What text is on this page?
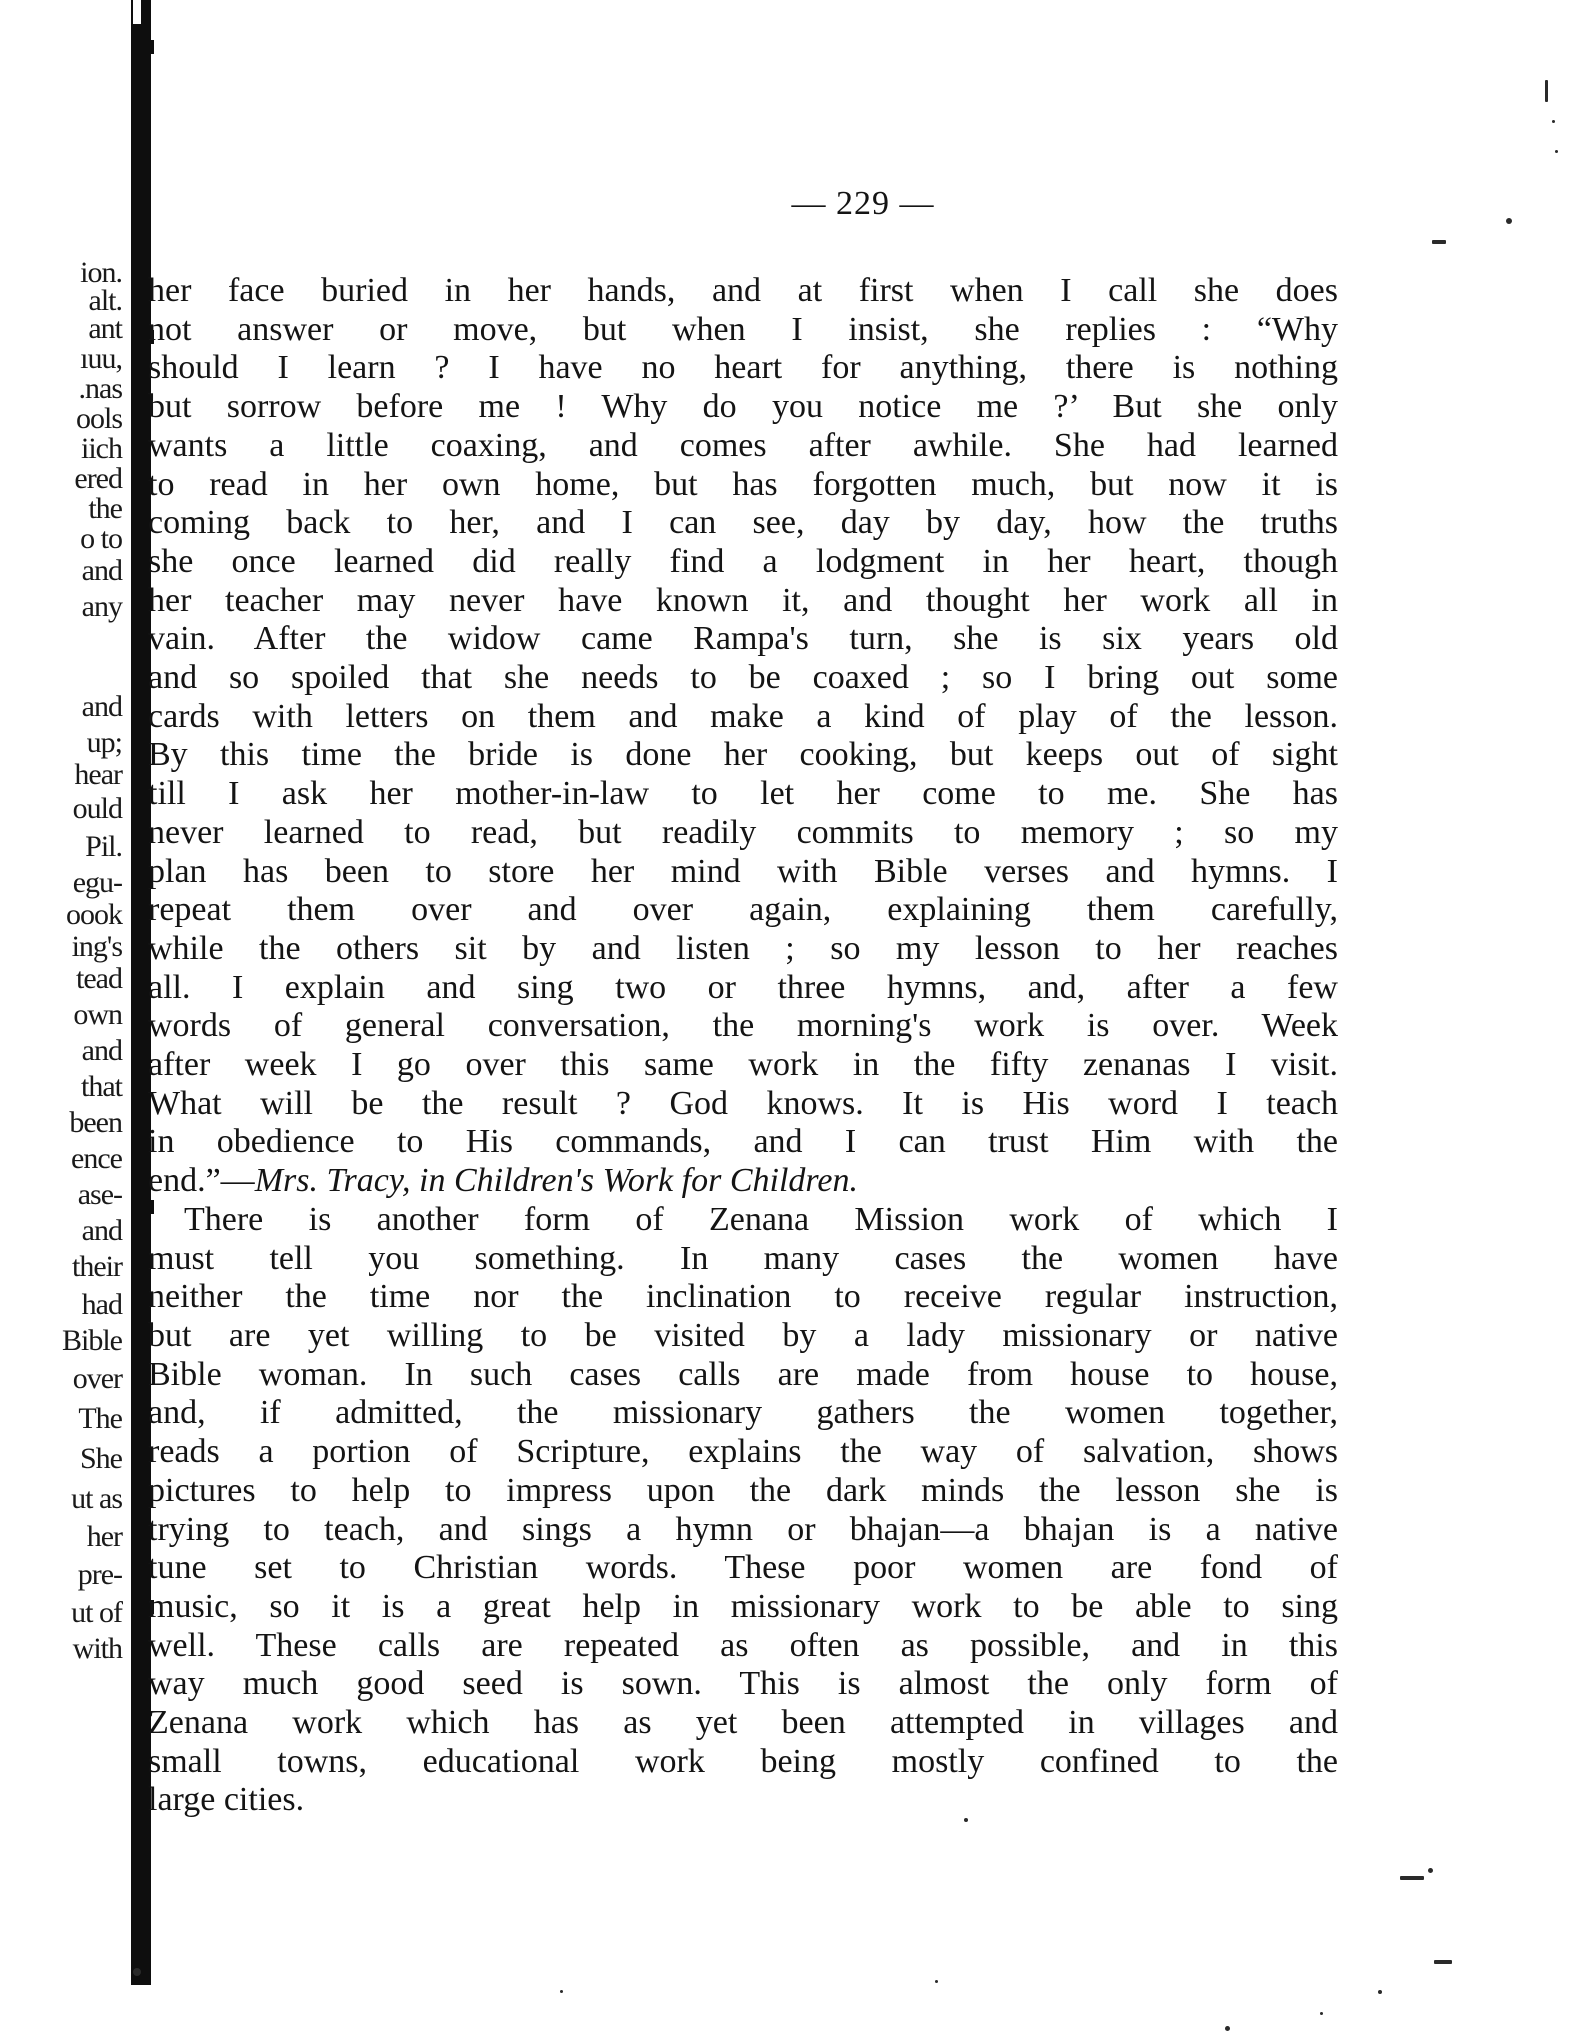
ion.
alt.
ant
ıuu,
.nas
ools
iich
ered
the
o to
and
any
and
up;
hear
ould
Pil.
egu-
oook
ing's
tead
own
and
that
been
ence
ase-
and
their
had
Bible
over
The
She
ut as
her
pre-
ut of
with
— 229 —
her face buried in her hands, and at first when I call she does
not answer or move, but when I insist, she replies : “Why
should I learn ? I have no heart for anything, there is nothing
but sorrow before me ! Why do you notice me ?’ But she only
wants a little coaxing, and comes after awhile. She had learned
to read in her own home, but has forgotten much, but now it is
coming back to her, and I can see, day by day, how the truths
she once learned did really find a lodgment in her heart, though
her teacher may never have known it, and thought her work all in
vain. After the widow came Rampa's turn, she is six years old
and so spoiled that she needs to be coaxed ; so I bring out some
cards with letters on them and make a kind of play of the lesson.
By this time the bride is done her cooking, but keeps out of sight
till I ask her mother-in-law to let her come to me. She has
never learned to read, but readily commits to memory ; so my
plan has been to store her mind with Bible verses and hymns. I
repeat them over and over again, explaining them carefully,
while the others sit by and listen ; so my lesson to her reaches
all. I explain and sing two or three hymns, and, after a few
words of general conversation, the morning's work is over. Week
after week I go over this same work in the fifty zenanas I visit.
What will be the result ? God knows. It is His word I teach
in obedience to His commands, and I can trust Him with the
end.”—Mrs. Tracy, in Children's Work for Children.
There is another form of Zenana Mission work of which I
must tell you something. In many cases the women have
neither the time nor the inclination to receive regular instruction,
but are yet willing to be visited by a lady missionary or native
Bible woman. In such cases calls are made from house to house,
and, if admitted, the missionary gathers the women together,
reads a portion of Scripture, explains the way of salvation, shows
pictures to help to impress upon the dark minds the lesson she is
trying to teach, and sings a hymn or bhajan—a bhajan is a native
tune set to Christian words. These poor women are fond of
music, so it is a great help in missionary work to be able to sing
well. These calls are repeated as often as possible, and in this
way much good seed is sown. This is almost the only form of
Zenana work which has as yet been attempted in villages and
small towns, educational work being mostly confined to the
large cities.
